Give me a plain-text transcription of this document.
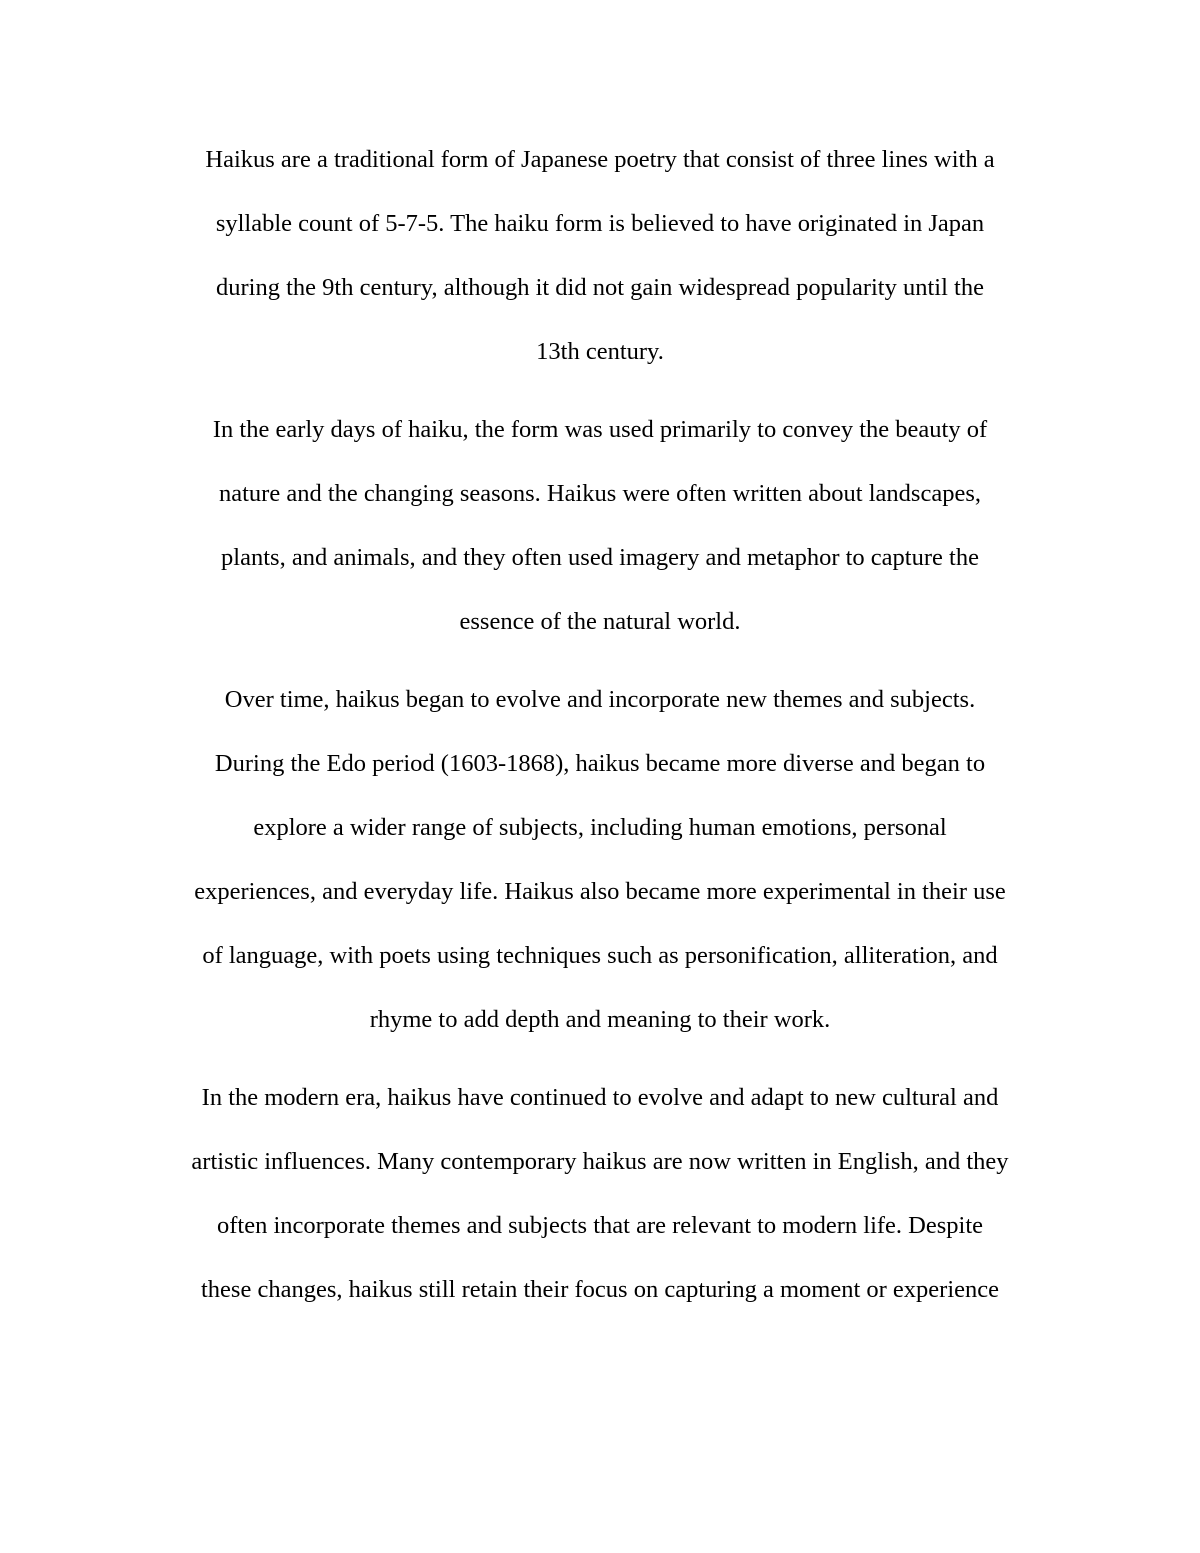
Haikus are a traditional form of Japanese poetry that consist of three lines with a
syllable count of 5-7-5. The haiku form is believed to have originated in Japan
during the 9th century, although it did not gain widespread popularity until the
13th century.
In the early days of haiku, the form was used primarily to convey the beauty of
nature and the changing seasons. Haikus were often written about landscapes,
plants, and animals, and they often used imagery and metaphor to capture the
essence of the natural world.
Over time, haikus began to evolve and incorporate new themes and subjects.
During the Edo period (1603-1868), haikus became more diverse and began to
explore a wider range of subjects, including human emotions, personal
experiences, and everyday life. Haikus also became more experimental in their use
of language, with poets using techniques such as personification, alliteration, and
rhyme to add depth and meaning to their work.
In the modern era, haikus have continued to evolve and adapt to new cultural and
artistic influences. Many contemporary haikus are now written in English, and they
often incorporate themes and subjects that are relevant to modern life. Despite
these changes, haikus still retain their focus on capturing a moment or experience
